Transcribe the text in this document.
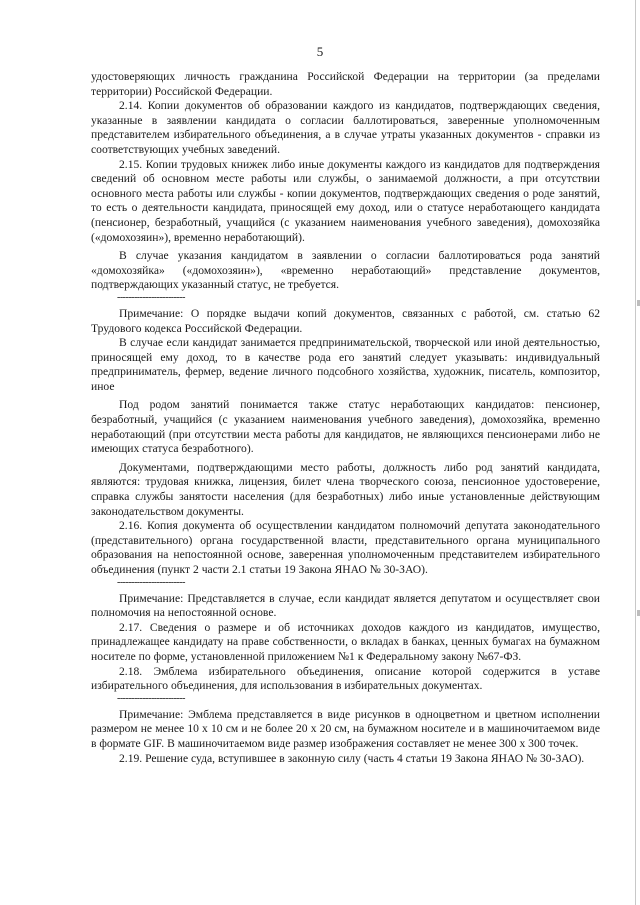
5

удостоверяющих личность гражданина Российской Федерации на территории (за пределами территории) Российской Федерации.

2.14. Копии документов об образовании каждого из кандидатов, подтверждающих сведения, указанные в заявлении кандидата о согласии баллотироваться, заверенные уполномоченным представителем избирательного объединения, а в случае утраты указанных документов - справки из соответствующих учебных заведений.

2.15. Копии трудовых книжек либо иные документы каждого из кандидатов для подтверждения сведений об основном месте работы или службы, о занимаемой должности, а при отсутствии основного места работы или службы - копии документов, подтверждающих сведения о роде занятий, то есть о деятельности кандидата, приносящей ему доход, или о статусе неработающего кандидата (пенсионер, безработный, учащийся (с указанием наименования учебного заведения), домохозяйка («домохозяин»), временно неработающий).

В случае указания кандидатом в заявлении о согласии баллотироваться рода занятий «домохозяйка» («домохозяин»), «временно неработающий» представление документов, подтверждающих указанный статус, не требуется.

------------------------

Примечание: О порядке выдачи копий документов, связанных с работой, см. статью 62 Трудового кодекса Российской Федерации.

В случае если кандидат занимается предпринимательской, творческой или иной деятельностью, приносящей ему доход, то в качестве рода его занятий следует указывать: индивидуальный предприниматель, фермер, ведение личного подсобного хозяйства, художник, писатель, композитор, иное

Под родом занятий понимается также статус неработающих кандидатов: пенсионер, безработный, учащийся (с указанием наименования учебного заведения), домохозяйка, временно неработающий (при отсутствии места работы для кандидатов, не являющихся пенсионерами либо не имеющих статуса безработного).

Документами, подтверждающими место работы, должность либо род занятий кандидата, являются: трудовая книжка, лицензия, билет члена творческого союза, пенсионное удостоверение, справка службы занятости населения (для безработных) либо иные установленные действующим законодательством документы.

2.16. Копия документа об осуществлении кандидатом полномочий депутата законодательного (представительного) органа государственной власти, представительного органа муниципального образования на непостоянной основе, заверенная уполномоченным представителем избирательного объединения (пункт 2 части 2.1 статьи 19 Закона ЯНАО № 30-ЗАО).

------------------------

Примечание: Представляется в случае, если кандидат является депутатом и осуществляет свои полномочия на непостоянной основе.

2.17. Сведения о размере и об источниках доходов каждого из кандидатов, имущество, принадлежащее кандидату на праве собственности, о вкладах в банках, ценных бумагах на бумажном носителе по форме, установленной приложением №1 к Федеральному закону №67-ФЗ.

2.18. Эмблема избирательного объединения, описание которой содержится в уставе избирательного объединения, для использования в избирательных документах.

------------------------

Примечание: Эмблема представляется в виде рисунков в одноцветном и цветном исполнении размером не менее 10 х 10 см и не более 20 х 20 см, на бумажном носителе и в машиночитаемом виде в формате GIF. В машиночитаемом виде размер изображения составляет не менее 300 х 300 точек.

2.19. Решение суда, вступившее в законную силу (часть 4 статьи 19 Закона ЯНАО № 30-ЗАО).
